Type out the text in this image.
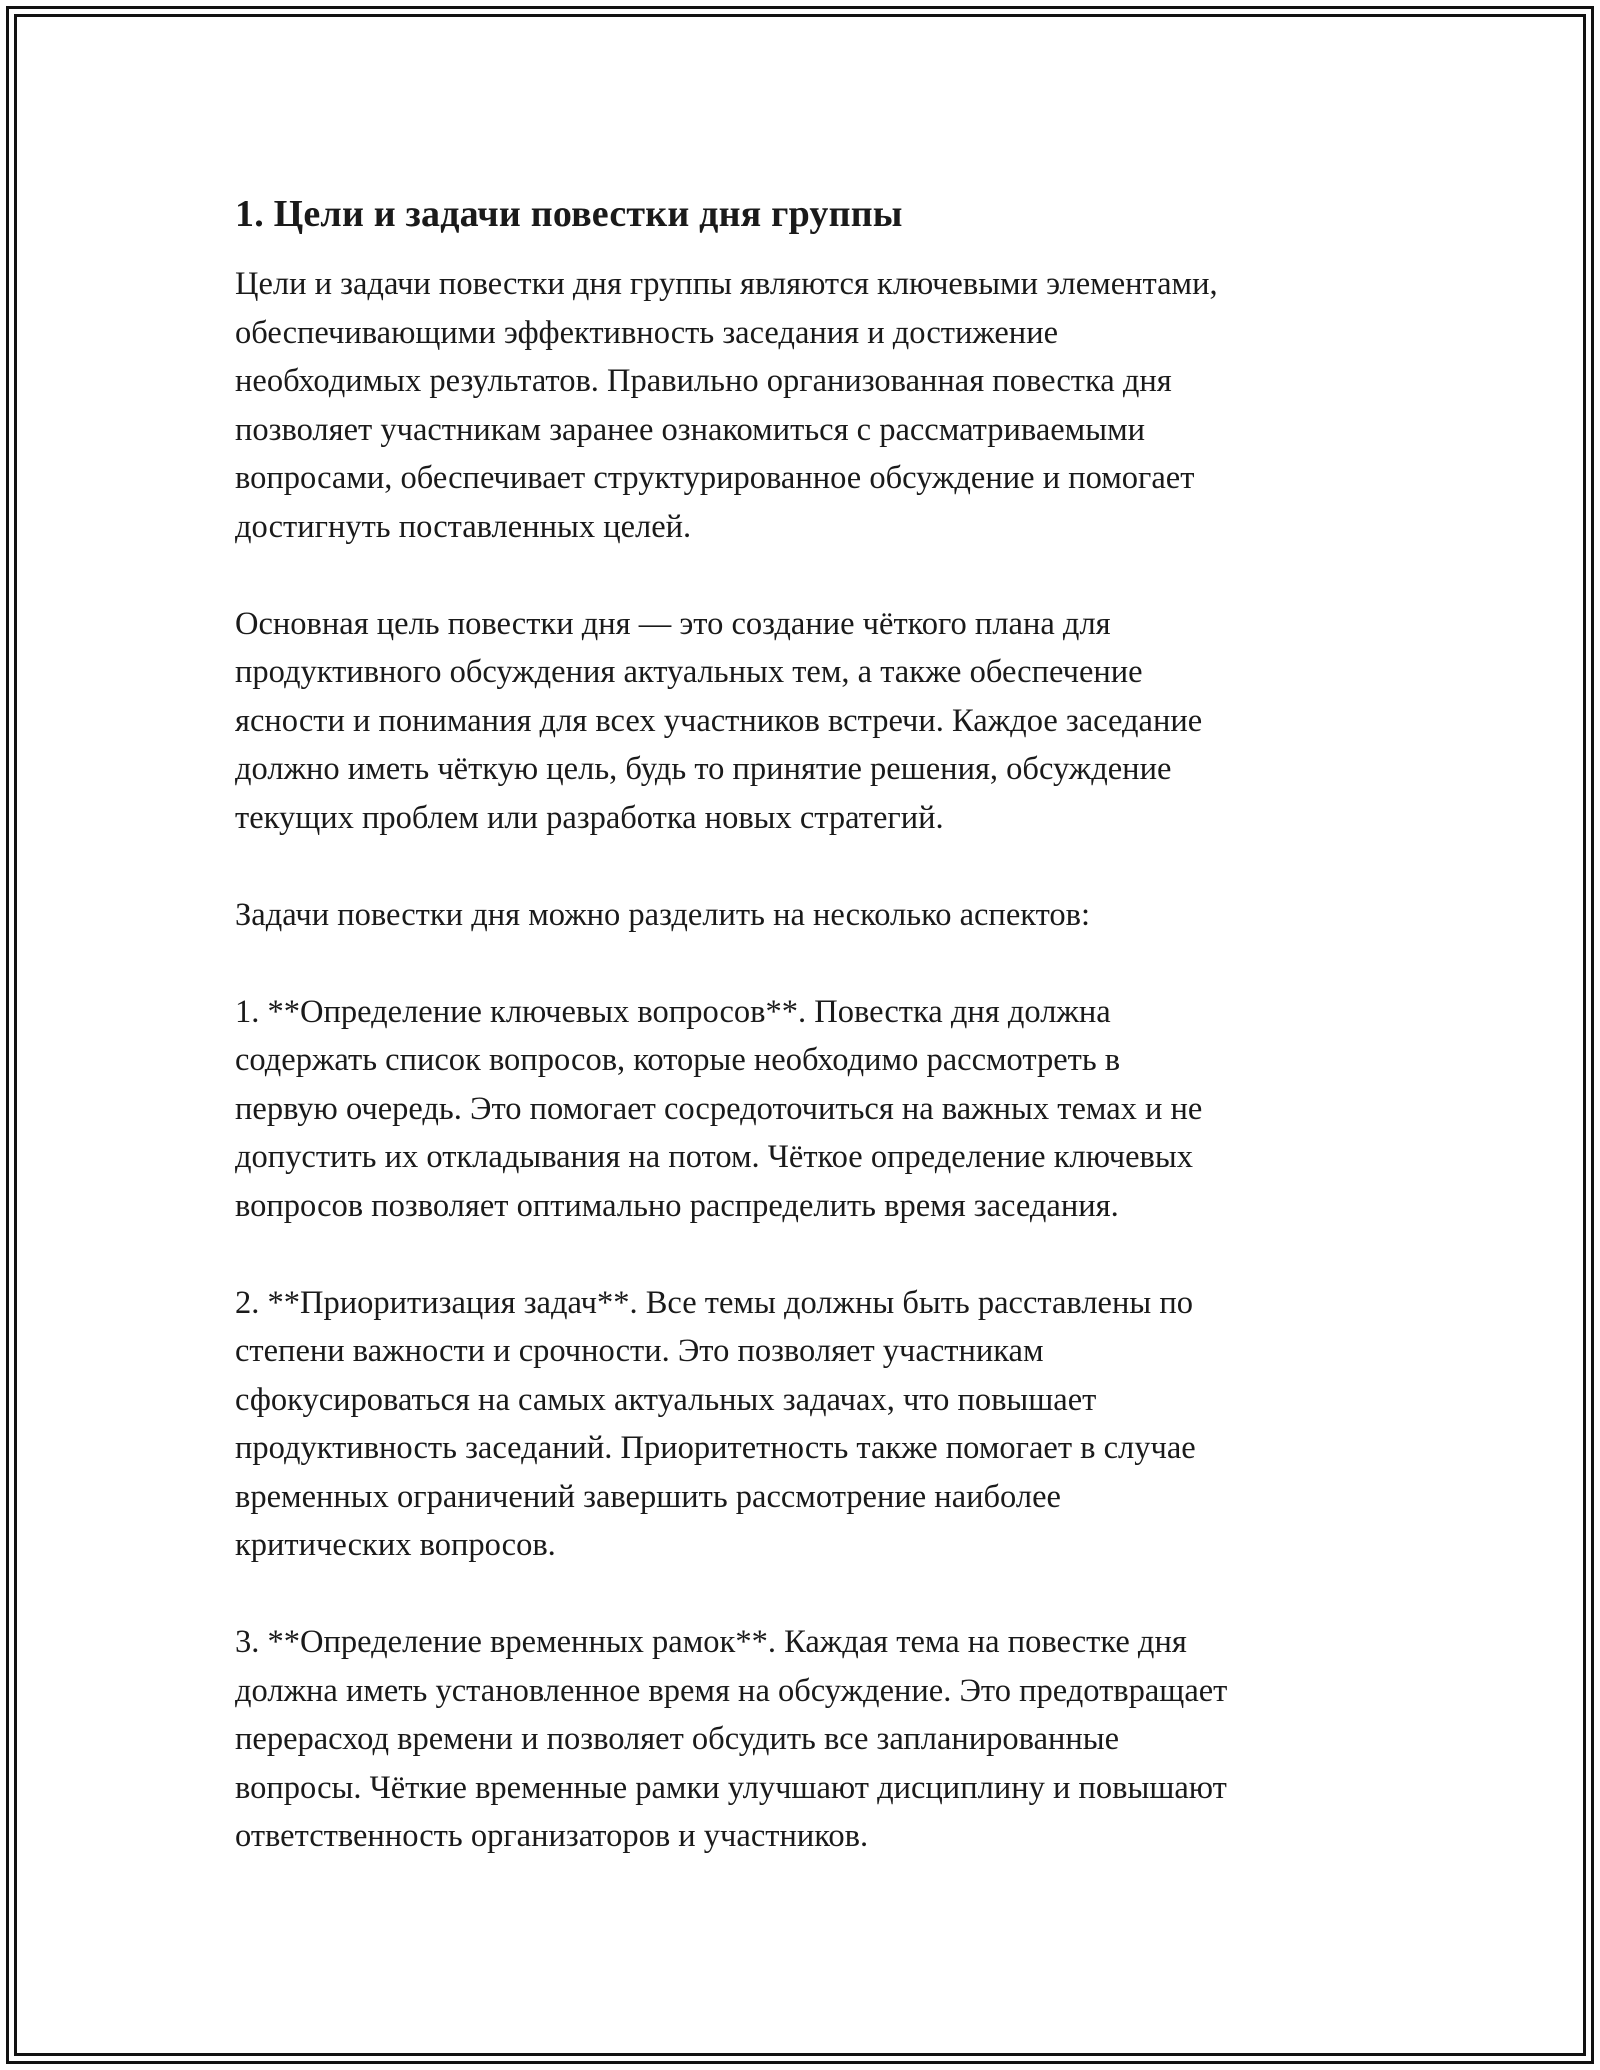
1. Цели и задачи повестки дня группы

Цели и задачи повестки дня группы являются ключевыми элементами,
обеспечивающими эффективность заседания и достижение
необходимых результатов. Правильно организованная повестка дня
позволяет участникам заранее ознакомиться с рассматриваемыми
вопросами, обеспечивает структурированное обсуждение и помогает
достигнуть поставленных целей.

Основная цель повестки дня — это создание чёткого плана для
продуктивного обсуждения актуальных тем, а также обеспечение
ясности и понимания для всех участников встречи. Каждое заседание
должно иметь чёткую цель, будь то принятие решения, обсуждение
текущих проблем или разработка новых стратегий.

Задачи повестки дня можно разделить на несколько аспектов:

1. **Определение ключевых вопросов**. Повестка дня должна
содержать список вопросов, которые необходимо рассмотреть в
первую очередь. Это помогает сосредоточиться на важных темах и не
допустить их откладывания на потом. Чёткое определение ключевых
вопросов позволяет оптимально распределить время заседания.

2. **Приоритизация задач**. Все темы должны быть расставлены по
степени важности и срочности. Это позволяет участникам
сфокусироваться на самых актуальных задачах, что повышает
продуктивность заседаний. Приоритетность также помогает в случае
временных ограничений завершить рассмотрение наиболее
критических вопросов.

3. **Определение временных рамок**. Каждая тема на повестке дня
должна иметь установленное время на обсуждение. Это предотвращает
перерасход времени и позволяет обсудить все запланированные
вопросы. Чёткие временные рамки улучшают дисциплину и повышают
ответственность организаторов и участников.
